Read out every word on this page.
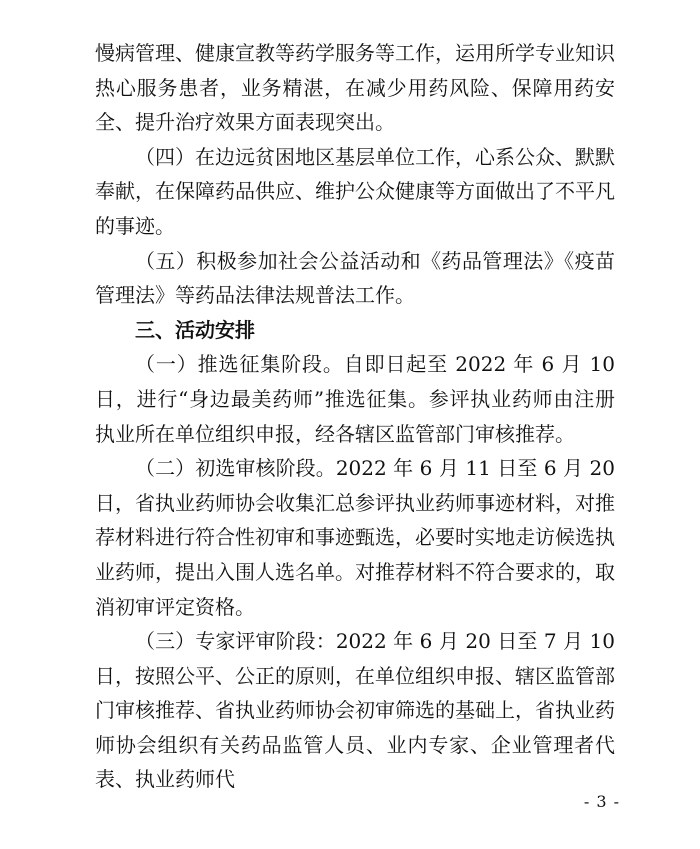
慢病管理、健康宣教等药学服务等工作，运用所学专业知识热心服务患者，业务精湛，在减少用药风险、保障用药安全、提升治疗效果方面表现突出。

（四）在边远贫困地区基层单位工作，心系公众、默默奉献，在保障药品供应、维护公众健康等方面做出了不平凡的事迹。

（五）积极参加社会公益活动和《药品管理法》《疫苗管理法》等药品法律法规普法工作。

三、活动安排

（一）推选征集阶段。自即日起至 2022 年 6 月 10 日，进行“身边最美药师”推选征集。参评执业药师由注册执业所在单位组织申报，经各辖区监管部门审核推荐。

（二）初选审核阶段。2022 年 6 月 11 日至 6 月 20 日，省执业药师协会收集汇总参评执业药师事迹材料，对推荐材料进行符合性初审和事迹甄选，必要时实地走访候选执业药师，提出入围人选名单。对推荐材料不符合要求的，取消初审评定资格。

（三）专家评审阶段：2022 年 6 月 20 日至 7 月 10 日，按照公平、公正的原则，在单位组织申报、辖区监管部门审核推荐、省执业药师协会初审筛选的基础上，省执业药师协会组织有关药品监管人员、业内专家、企业管理者代表、执业药师代

- 3 -
